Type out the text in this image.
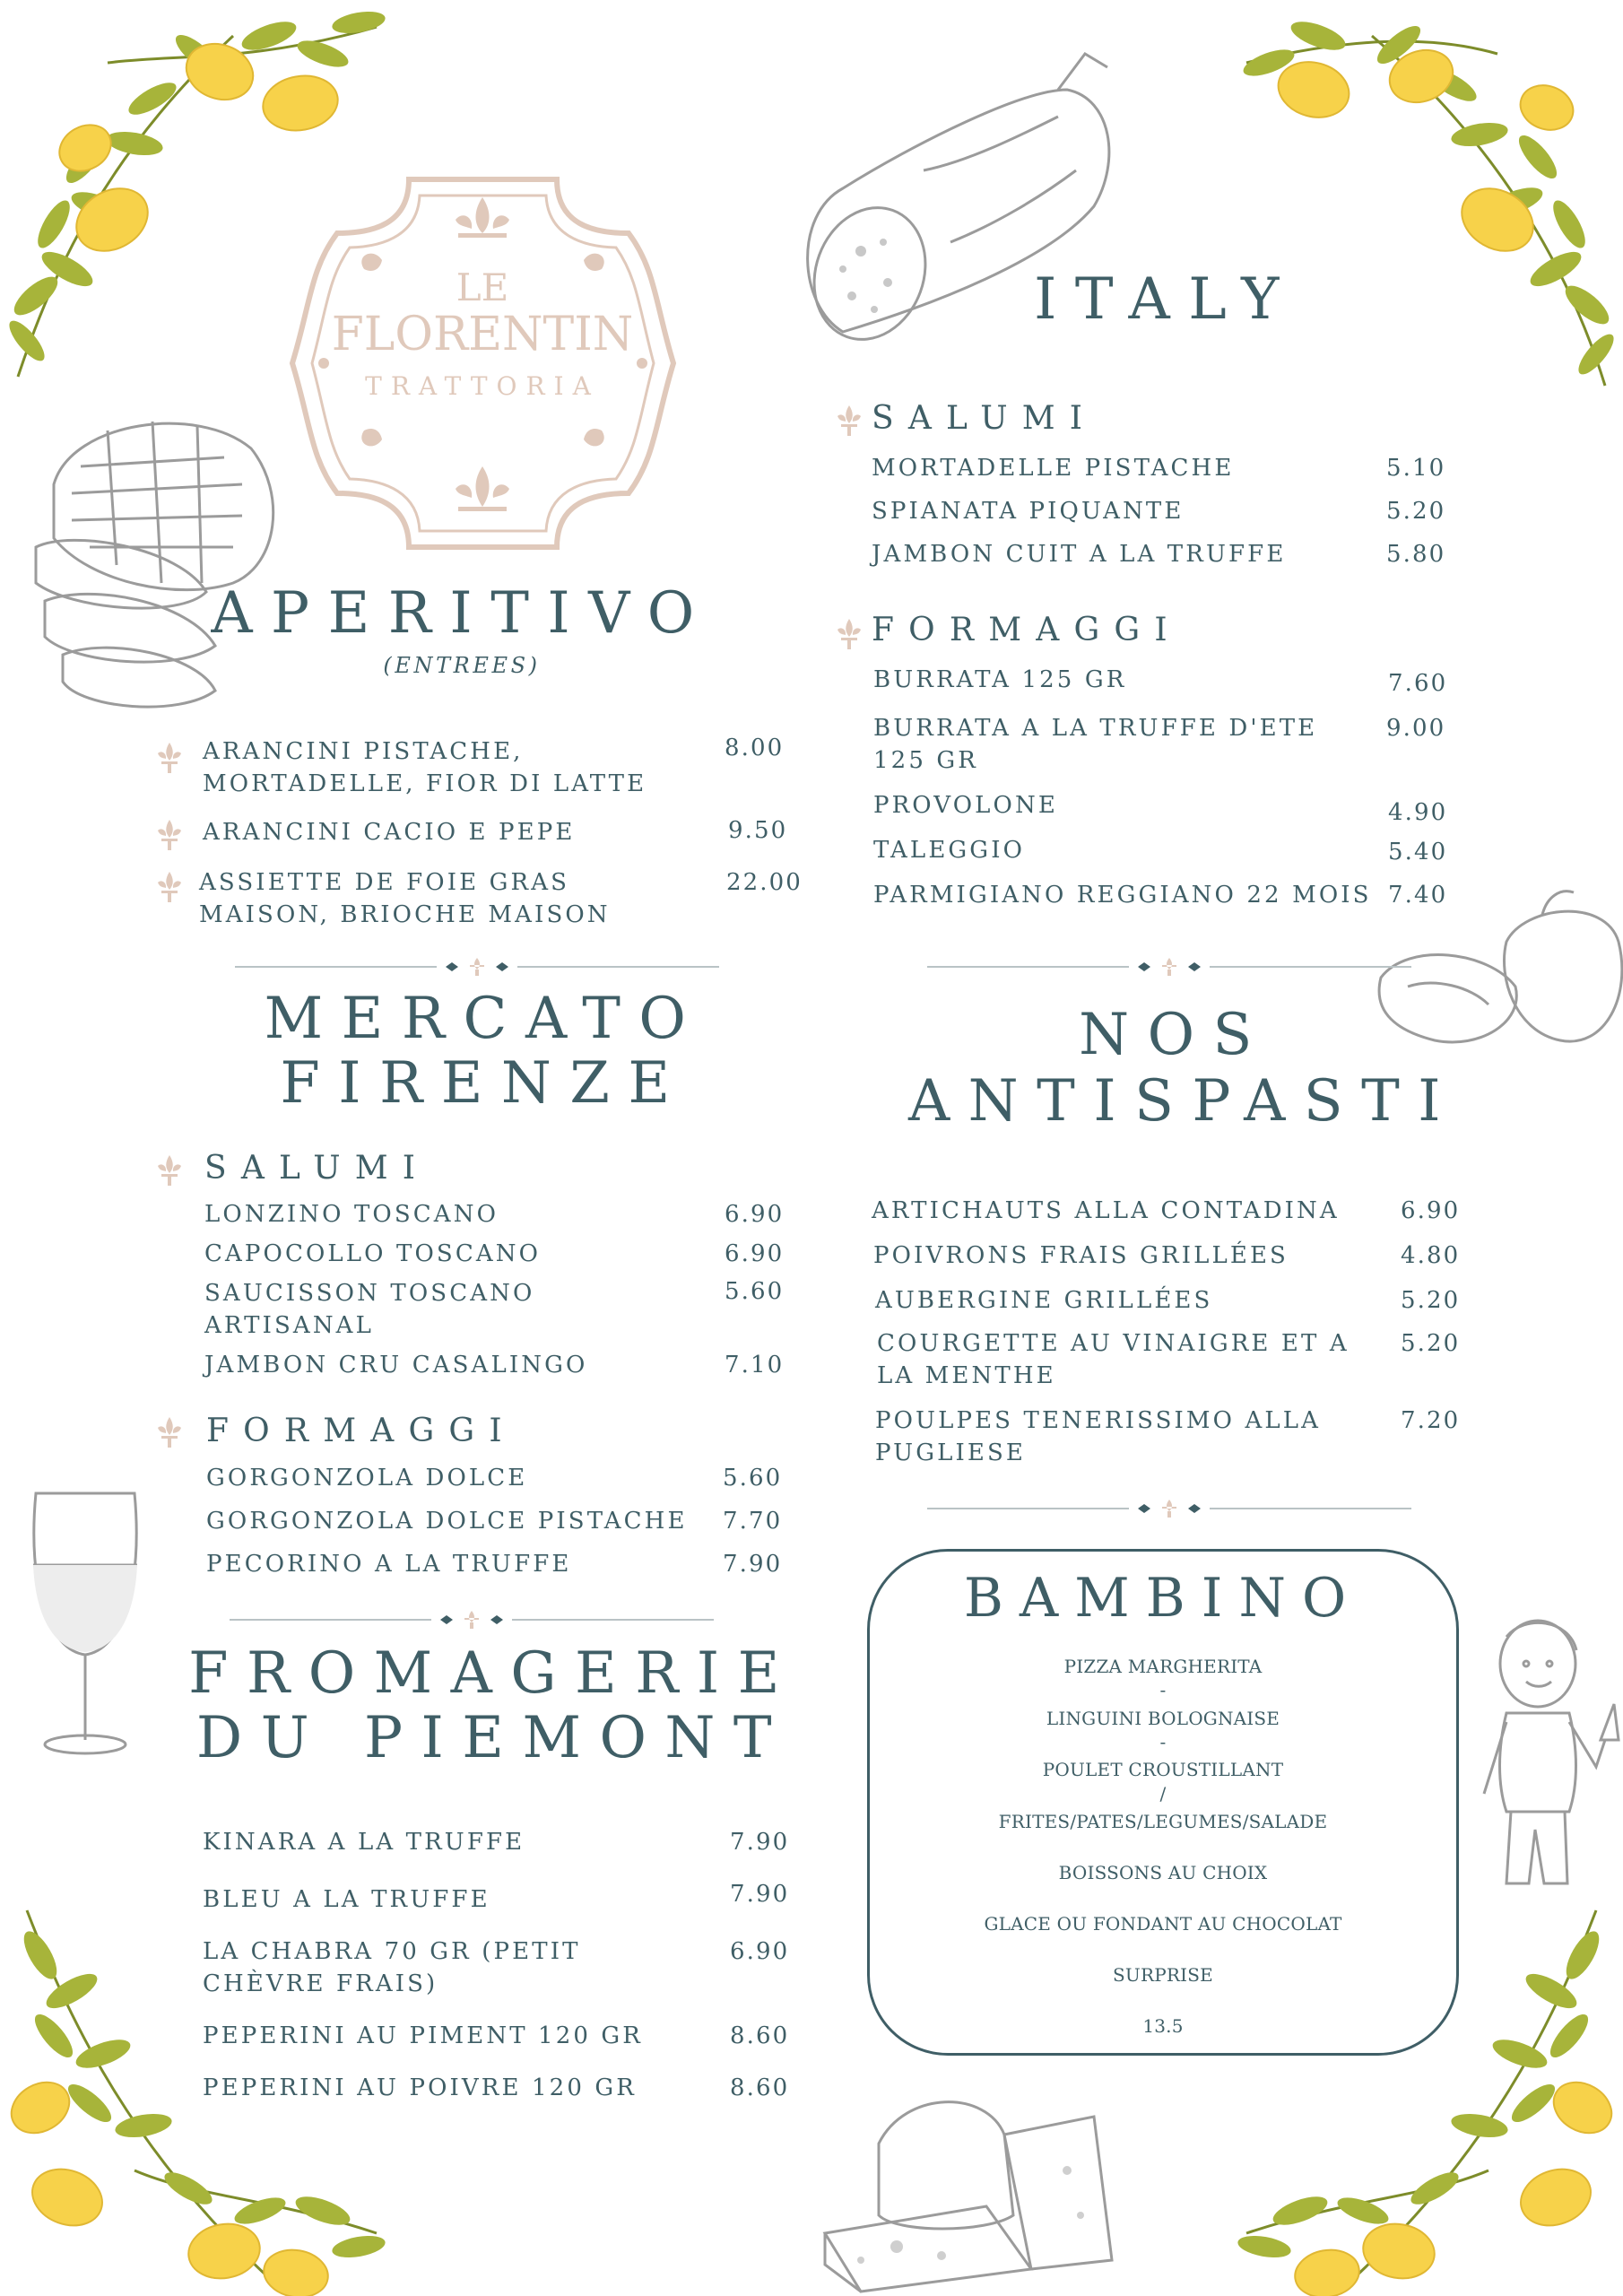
LE
FLORENTIN
TRATTORIA
APERITIVO
(ENTREES)
ARANCINI PISTACHE, MORTADELLE, FIOR DI LATTE
8.00
ARANCINI CACIO E PEPE	9.50
ASSIETTE DE FOIE GRAS MAISON, BRIOCHE MAISON
22.00
MERCATO
FIRENZE
SALUMI
LONZINO TOSCANO	6.90
CAPOCOLLO TOSCANO	6.90
SAUCISSON TOSCANO ARTISANAL
5.60
JAMBON CRU CASALINGO	7.10
FORMAGGI
GORGONZOLA DOLCE	5.60
GORGONZOLA DOLCE PISTACHE	7.70
PECORINO A LA TRUFFE	7.90
FROMAGERIE
DU PIEMONT
KINARA A LA TRUFFE	7.90
BLEU A LA TRUFFE	7.90
LA CHABRA 70 GR (PETIT CHÈVRE FRAIS)
6.90
PEPERINI AU PIMENT 120 GR	8.60
PEPERINI AU POIVRE 120 GR	8.60
ITALY
SALUMI
MORTADELLE PISTACHE	5.10
SPIANATA PIQUANTE	5.20
JAMBON CUIT A LA TRUFFE	5.80
FORMAGGI
BURRATA 125 GR	7.60
BURRATA A LA TRUFFE D'ETE 125 GR
9.00
PROVOLONE	4.90
TALEGGIO	5.40
PARMIGIANO REGGIANO 22 MOIS 7.40
NOS
ANTISPASTI
ARTICHAUTS ALLA CONTADINA	6.90
POIVRONS FRAIS GRILLÉES	4.80
AUBERGINE GRILLÉES	5.20
COURGETTE AU VINAIGRE ET A LA MENTHE
5.20
POULPES TENERISSIMO ALLA PUGLIESE
7.20
BAMBINO
PIZZA MARGHERITA
-
LINGUINI BOLOGNAISE
-
POULET CROUSTILLANT
/
FRITES/PATES/LEGUMES/SALADE
BOISSONS AU CHOIX
GLACE OU FONDANT AU CHOCOLAT
SURPRISE
13.5
